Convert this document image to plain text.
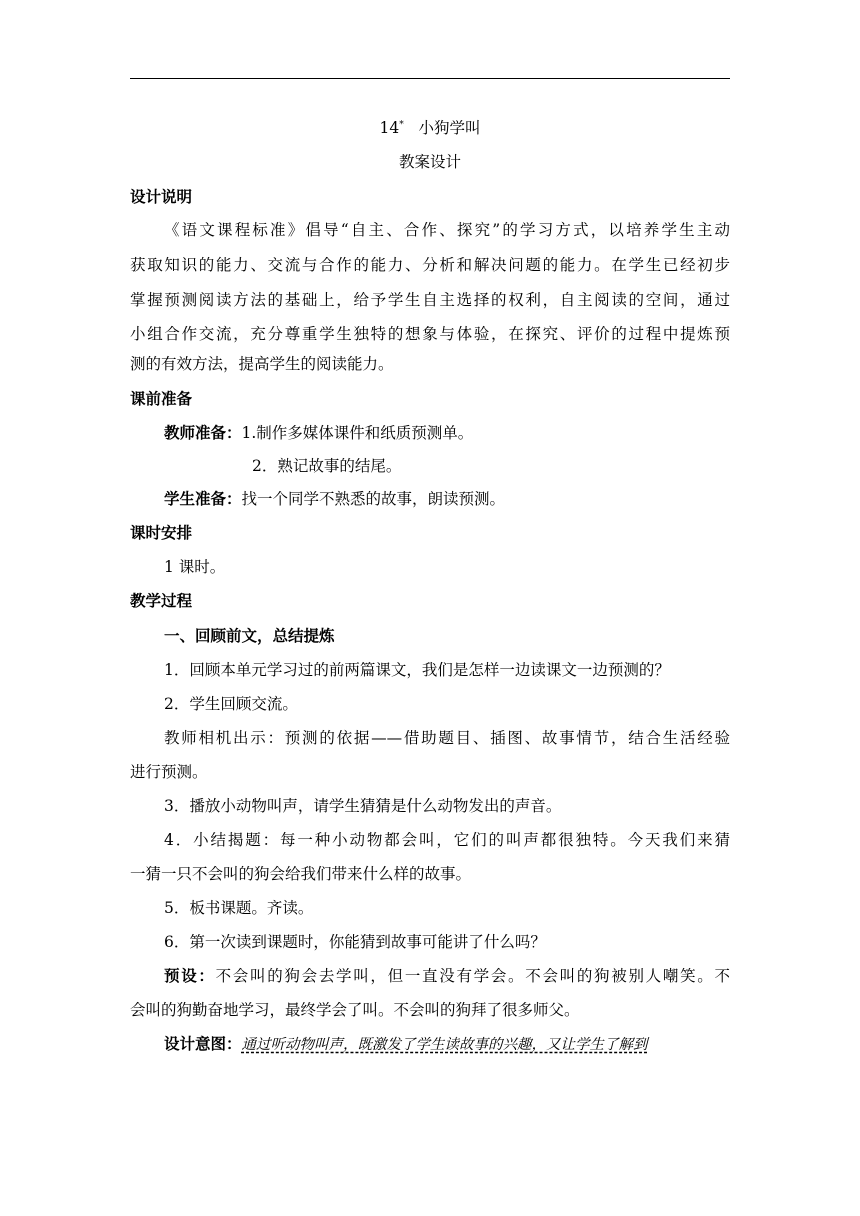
14* 小狗学叫
教案设计
设计说明
《语文课程标准》倡导“自主、合作、探究”的学习方式，以培养学生主动
获取知识的能力、交流与合作的能力、分析和解决问题的能力。在学生已经初步
掌握预测阅读方法的基础上，给予学生自主选择的权利，自主阅读的空间，通过
小组合作交流，充分尊重学生独特的想象与体验，在探究、评价的过程中提炼预
测的有效方法，提高学生的阅读能力。
课前准备
教师准备：1.制作多媒体课件和纸质预测单。
2．熟记故事的结尾。
学生准备：找一个同学不熟悉的故事，朗读预测。
课时安排
1 课时。
教学过程
一、回顾前文，总结提炼
1．回顾本单元学习过的前两篇课文，我们是怎样一边读课文一边预测的？
2．学生回顾交流。
教师相机出示：预测的依据——借助题目、插图、故事情节，结合生活经验
进行预测。
3．播放小动物叫声，请学生猜猜是什么动物发出的声音。
4．小结揭题：每一种小动物都会叫，它们的叫声都很独特。今天我们来猜
一猜一只不会叫的狗会给我们带来什么样的故事。
5．板书课题。齐读。
6．第一次读到课题时，你能猜到故事可能讲了什么吗？
预设：不会叫的狗会去学叫，但一直没有学会。不会叫的狗被别人嘲笑。不
会叫的狗勤奋地学习，最终学会了叫。不会叫的狗拜了很多师父。
设计意图：通过听动物叫声，既激发了学生读故事的兴趣，又让学生了解到
